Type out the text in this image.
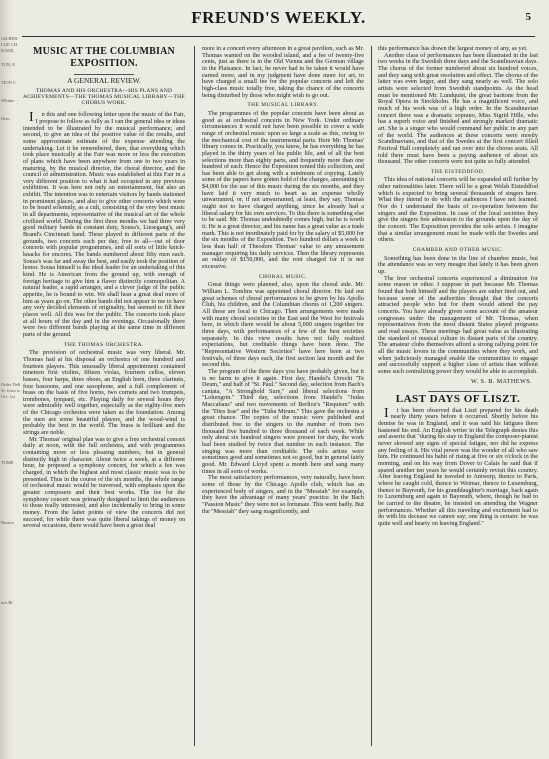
GILBER
LUE CH
RADE,
TON, E
TION C
Whitne
Dun.
Order Deli
St. from w
Oct. 1st
TOME
Boston
as's Bl
FREUND'S WEEKLY.	5
MUSIC AT THE COLUMBIAN EXPOSITION.
A GENERAL REVIEW.
THOMAS AND HIS ORCHESTRA—HIS PLANS AND ACHIEVEMENTS—THE THOMAS MUSICAL LIBRARY—THE CHORUS WORK.

In this and one following letter upon the music of the Fair, I propose to follow as fully as I can the general idea or ideas intended to be illustrated by the musical performance; and second, to give an idea of the positive value of the results, and some approximate estimate of the expense attending the undertaking. Let it be remembered, then, that everything which took place musically at the Fair was more or less the execution of plans which have been anywhere from one to two years in maturing, by the musical director, the choral director, and the council of administration. Music was established at this Fair in a very different position to what it had occupied in any previous exhibition. It was here not only an entertainment, but also an exhibit. The intention was to entertain visitors by bands stationed in prominent places, and also to give other concerts which were to be heard solemnly, as a cult, consisting of the very best music in all departments, representative of the musical art of the whole civilized world. During the first three months we had three very good military bands in constant duty, Sousa's, Liesegang's, and Brand's Cincinnati band. These played in different parts of the grounds, two concerts each per day, free to all—out of door concerts with popular programmes, and all sorts of little knick-knacks for encores. The bands numbered about fifty men each. Sousa's was far and away the best, and easily took the position of honor. Sousa himself is the ideal leader for an undertaking of this kind. He is American from the ground up, with enough of foreign heritage to give him a flavor distinctly cosmopolitan. A natural leader, a rapid arranger, and a clever judge of the public appetite, he is bound to win. We shall hear a great deal more of him as years go on. The other bands did not appear to me to have any very decided elements of originality, but seemed to fill their places well. All this was for the public. The concerts took place at all hours of the day and in the evenings. Occasionally there were two different bands playing at the same time in different parts of the ground.

THE THOMAS ORCHESTRA.

The provision of orchestral music was very liberal. Mr. Thomas had at his disposal an orchestra of one hundred and fourteen players. This unusually liberal appointment contained nineteen first violins, fifteen violas, fourteen cellos, eleven basses, four harps, three oboes, an English horn, three clarinets, four bassoons, and one saxophone, and a full complement of brass on the basis of five horns, two cornets and two trumpets, trombones, tympani, etc. Playing daily for several hours they were admirably well together, especially as the eighty-five men of the Chicago orchestra were taken as the foundation. Among the men are some beautiful players, and the wood-wind is probably the best in the world. The brass is brilliant and the strings are noble.

Mr. Thomas' original plan was to give a free orchestral concert daily at noon, with the full orchestra, and with programmes containing more or less pleasing numbers, but in general distinctly high in character. About twice a week, at a different hour, he proposed a symphony concert, for which a fee was charged, in which the highest and most classic music was to be presented. Thus in the course of the six months, the whole range of orchestral music would be traversed, with emphasis upon the greater composers and their best works. The fee for the symphony concert was primarily designed to limit the audiences to those really interested, and also incidentally to bring in some money. From the latter points of view the concerts did not succeed, for while there was quite liberal takings of money on several occasions, there would have been a great deal

more in a concert every afternoon in a great pavilion, such as Mr. Thomas wanted on the wooded island, and a fee of twenty-five cents, just as there is in the Old Vienna and the German village in the Plaisance. In fact, he never had to be taken it would have earned more, and in my judgment have done more for art, to have charged a small fee for the popular concerts and left the high-class music totally free, taking the chance of the concerts being disturbed by those who might wish to go out.

THE MUSICAL LIBRARY.

The programmes of the popular concerts have been about as good as at orchestral concerts in New York. Under ordinary circumstances it would not have been possible to cover a wide range of orchestral music upon so large a scale as this, owing to the mechanical cost of the instrumental parts. Here Mr. Thomas' library comes in. Practically, you know, he has everything he has played in the thirty years of his public life, and of all the best selections more than eighty parts, and frequently more than one hundred of each. Hence the Exposition rented this collection, and has been able to get along with a minimum of copying. Lately some of the papers have gotten hold of the charges, amounting to $4,000 for the use of this music during the six months, and they have laid it very much to heart as an expense wholly unwarranted, or, if not unwarranted, at least, they say, Thomas ought not to have charged anything, since he already had a liberal salary for his own services. To this there is something else to be said. Mr. Thomas undoubtedly comes high, but he is worth it. He is a great director, and his name has a great value as a trade mark. This is not inordinately paid for by the salary of $5,000 for the six months of the Exposition. Two hundred dollars a week is less than half of Theodore Thomas' value to any amusement manager requiring his daily services. Then the library represents an outlay of $150,000, and the rent charged for it is not excessive.

CHORAL MUSIC.

Great things were planned, also, upon the choral side. Mr. William L. Tomlins was appointed choral director. He laid out great schemes of choral performances to be given by his Apollo Club, his children, and the Columbian chorus of 1,200 singers. All these are local to Chicago. Then arrangements were made with many choral societies in the East and the West for festivals here, in which there would be about 5,000 singers together for three days, with performances of a few of the best societies separately. In this view results have not fully realized expectations, but creditable things have been done. The "Representative Western Societies" have here been at two festivals, of three days each, the first section last month and the second this.

The program of the three days you have probably given, but it is no harm to give it again. First day, Handel's Utrecht "Te Deum," and half of "St. Paul." Second day, selection from Bach's cantata, "A Stronghold Sure," and liberal selections from "Lohengrin." Third day, selections from Handel's "Judas Maccabaus" and two movements of Berlioz's "Requiem" with the "Dies Irae" and the "Tuba Mirum." This gave the orchestra a great chance. The copies of the music were published and distributed free to the singers to the number of from two thousand five hundred to three thousand of each week. While only about six hundred singers were present for duty, the work had been studied by twice that number in each instance. The singing was more than creditable. The solo artists were sometimes good and sometimes not so good, but in general fairly good. Mr. Edward Lloyd spent a month here and sang many times in all sorts of works.

The most satisfactory performances, very naturally, have been some of those by the Chicago Apollo club, which has an experienced body of singers, and in the "Messiah" for example, they have the advantage of many years' practice. In the Bach "Passion Music" they were not so fortunate. This went badly. But the "Messiah" they sang magnificently, and

this performance has drawn the largest money of any, as yet.

Another class of performances has been illustrated in the last two weeks in the Swedish three days and the Scandinavian days. The chorus of the former numbered about six hundred voices, and they sang with great resolution and effect. The chorus of the latter was even larger, and they sang nearly as well. The solo artists were selected from Swedish standpoints. As the head must be mentioned Mr. Lundquist, the great baritone from the Royal Opera in Stockholm. He has a magnificent voice, and much of his work was of a high order. In the Scandinavian concert there was a dramatic soprano, Miss Sigrid Hille, who has a superb voice and finished and strongly marked dramatic art. She is a singer who would command her public in any part of the world. The audiences at these concerts were mostly Scandinavians, and that of the Swedes at the first concert filled Festival Hall completely and ran over into the chorus seats. All told there must have been a paying audience of about six thousand. The other concerts were not quite so fully attended.

THE EISTEDDFOD.

This idea of national concerts will be expanded still further by other nationalities later. There will be a great Welsh Eisteddfod which is expected to bring several thousands of singers here. What they intend to do with the audiences I have not learned. Nor do I understand the basis of co-operation between the singers and the Exposition. In case of the local societies they give the singers free admission to the grounds upon the day of the concert. The Exposition provides the solo artists. I imagine that a similar arrangement must be made with the Swedes and others.

CHAMBER AND OTHER MUSIC.

Something has been done in the line of chamber music, but the attendance was so very meagre that lately it has been given up.

The free orchestral concerts experienced a diminution for some reason or other. I suppose in part because Mr. Thomas found that both himself and the players are rather tired out, and because some of the authorities thought that the concerts attracted people who but for them would attend the pay concerts. You have already given some account of the amateur congresses under the management of Mr. Thomas, when representatives from the most distant States played programs and read essays. These meetings had great value as illustrating the standard of musical culture in distant parts of the country. The amateur clubs themselves afford a strong rallying point for all the music lovers in the communities where they work, and when judiciously managed enable the communities to engage and successfully support a higher class of artists than without some such centralizing power they would be able to accomplish.

W. S. B. MATHEWS.
LAST DAYS OF LISZT.

It has been observed that Liszt prepared for his death nearly thirty years before it occurred. Shortly before his demise he was in England, and it was said his fatigues there hastened his end. An English writer in the Telegraph denies this and asserts that "during his stay in England the composer-pianist never showed any signs of special fatigue, nor did he express any feeling of it. His vital power was the wonder of all who saw him. He continued his habit of rising at five or six o'clock in the morning, and on his way from Dover to Calais he said that if spared another ten years he would certainly revisit this country. After leaving England he traveled to Antwerp, thence to Paris, where he caught cold, thence to Weimar, thence to Luxemburg, thence to Bayreuth, for his granddaughter's marriage, back again to Luxemburg and again to Bayreuth, where, though he had to be carried to the theatre, he insisted on attending the Wagner performances. Whether all this traveling and excitement had to do with his decease we cannot say; one thing is certain: he was quite well and hearty on leaving England."
